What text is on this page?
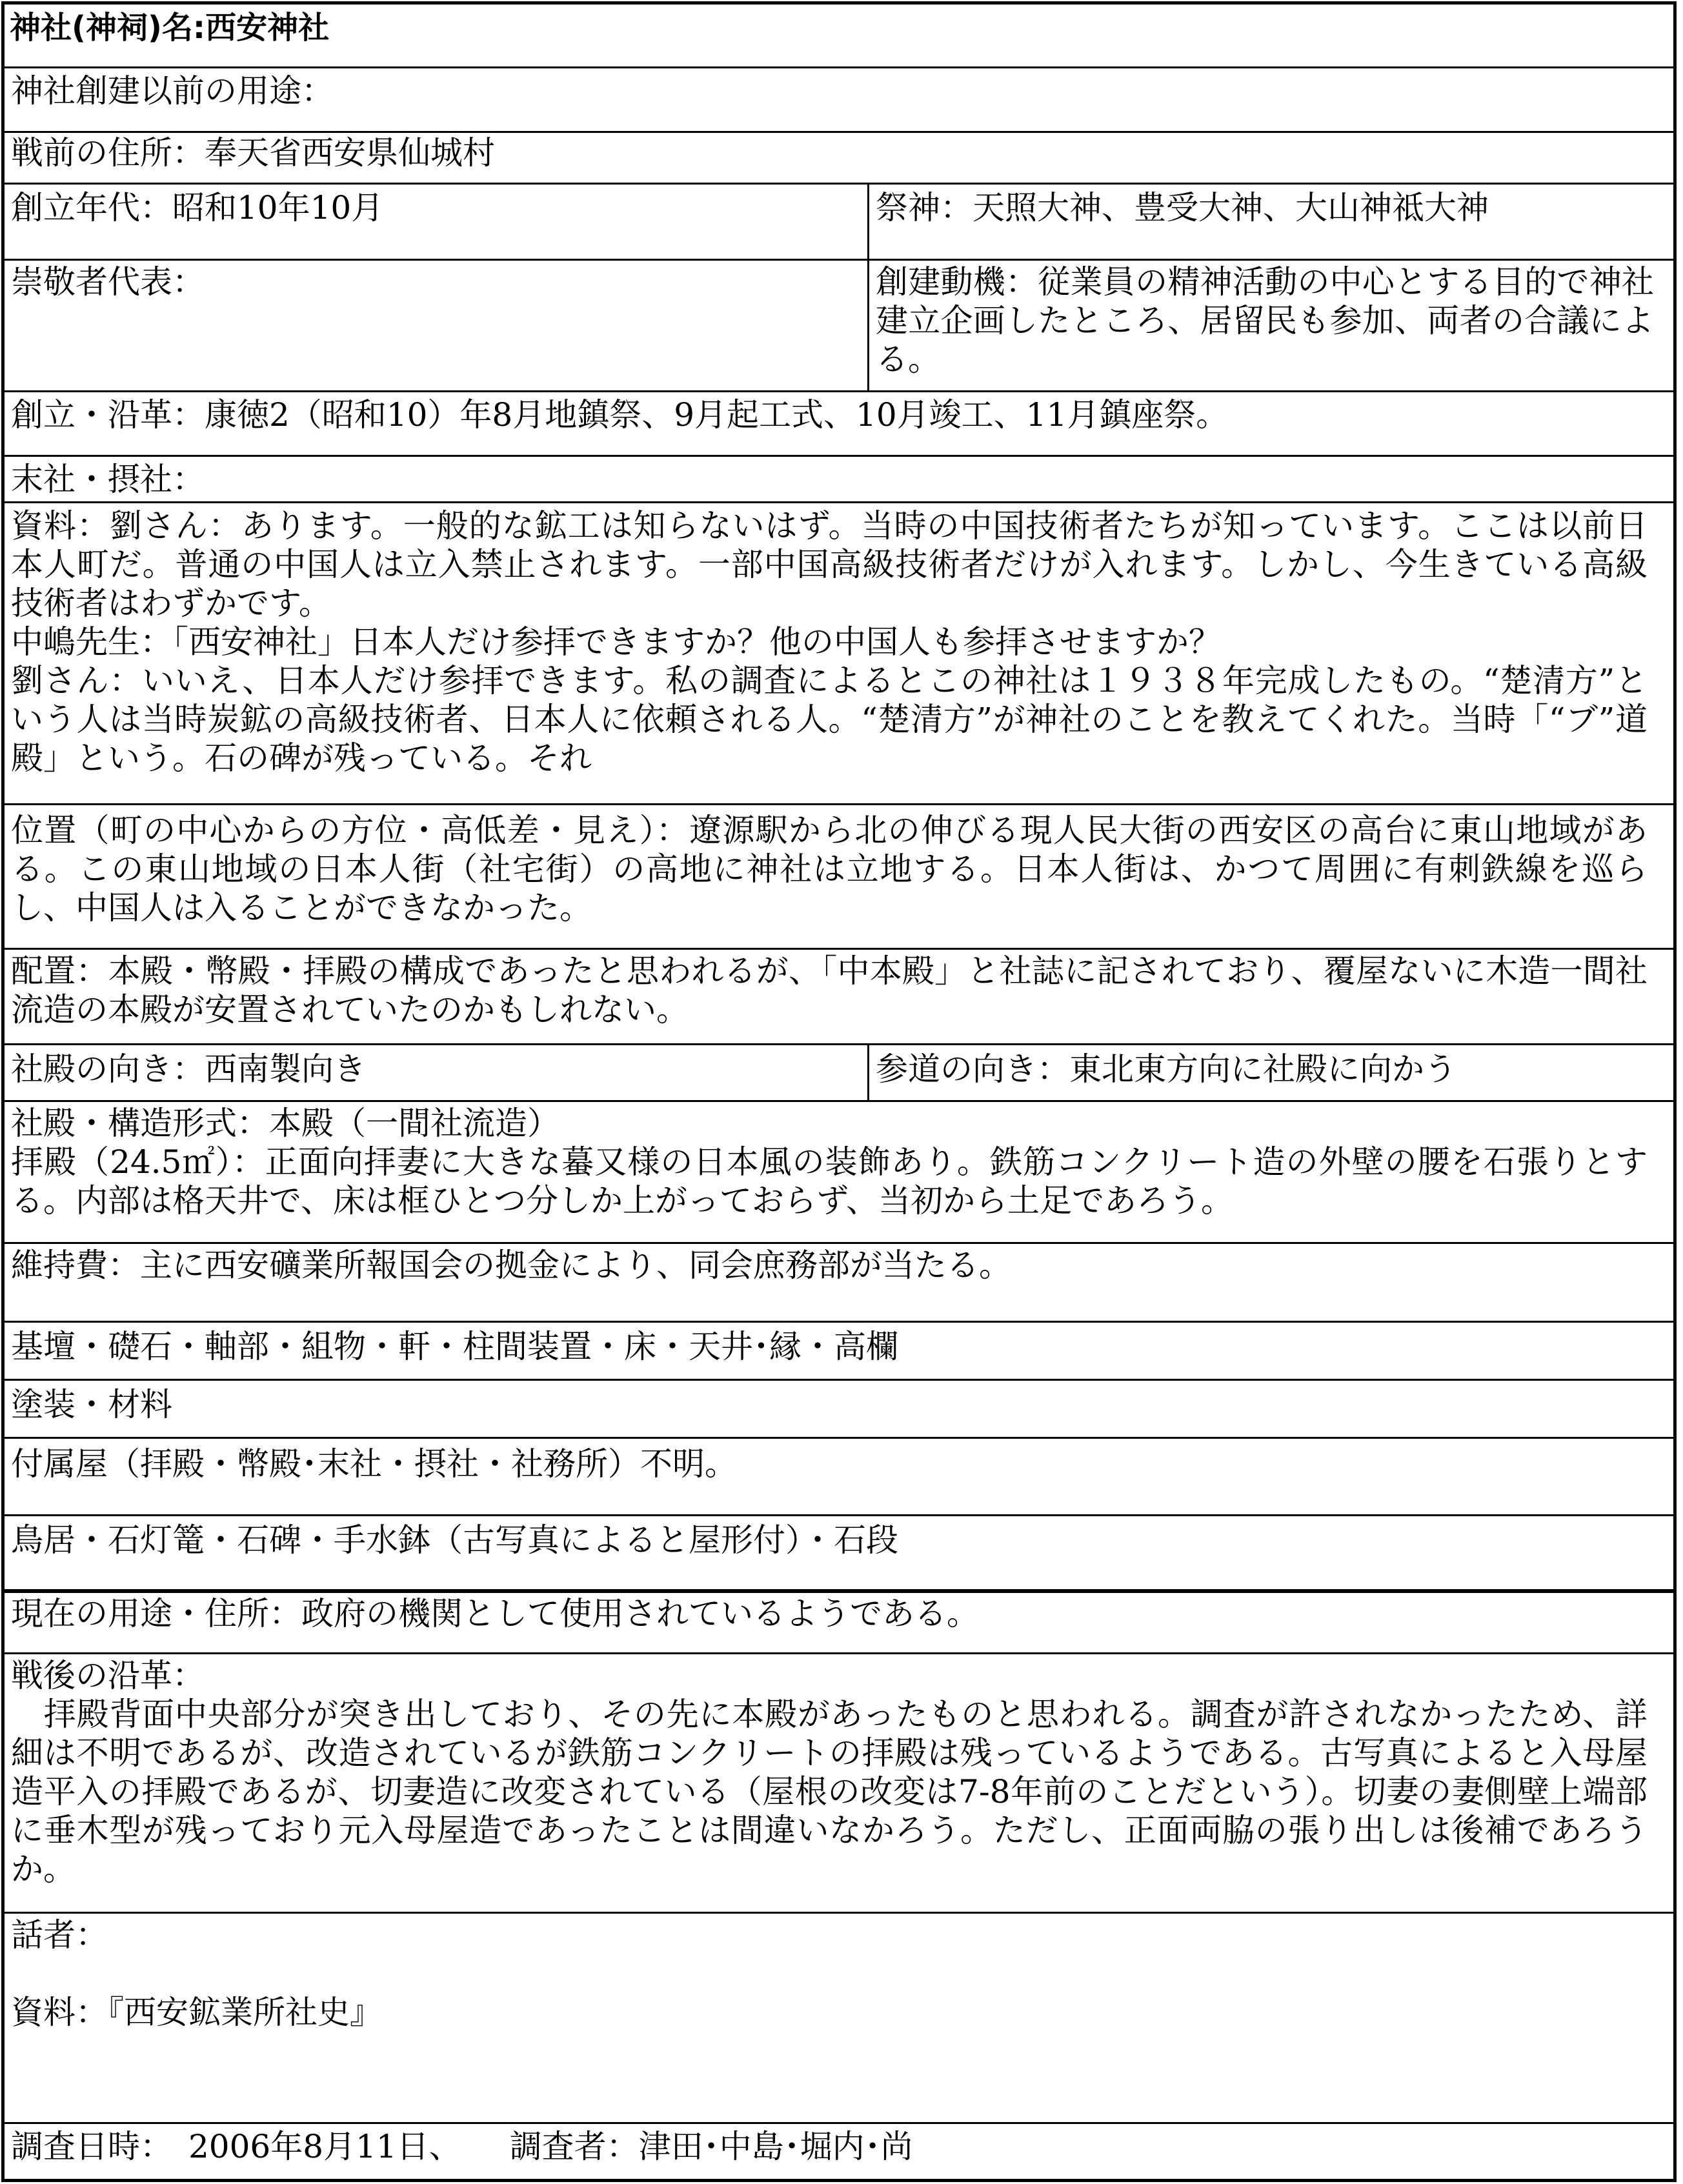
神社(神祠)名:西安神社
神社創建以前の用途：
戦前の住所：奉天省西安県仙城村
創立年代：昭和10年10月	祭神：天照大神、豊受大神、大山神祗大神
崇敬者代表：	創建動機：従業員の精神活動の中心とする目的で神社建立企画したところ、居留民も参加、両者の合議による。
創立・沿革：康徳2（昭和10）年8月地鎮祭、9月起工式、10月竣工、11月鎮座祭。
末社・摂社：
資料：劉さん：あります。一般的な鉱工は知らないはず。当時の中国技術者たちが知っています。ここは以前日本人町だ。普通の中国人は立入禁止されます。一部中国高級技術者だけが入れます。しかし、今生きている高級技術者はわずかです。
中嶋先生：「西安神社」日本人だけ参拝できますか？他の中国人も参拝させますか？
劉さん：いいえ、日本人だけ参拝できます。私の調査によるとこの神社は１９３８年完成したもの。“楚清方”という人は当時炭鉱の高級技術者、日本人に依頼される人。“楚清方”が神社のことを教えてくれた。当時「“ブ”道殿」という。石の碑が残っている。それ
位置（町の中心からの方位・高低差・見え）：遼源駅から北の伸びる現人民大街の西安区の高台に東山地域がある。この東山地域の日本人街（社宅街）の高地に神社は立地する。日本人街は、かつて周囲に有刺鉄線を巡らし、中国人は入ることができなかった。
配置：本殿・幣殿・拝殿の構成であったと思われるが、「中本殿」と社誌に記されており、覆屋ないに木造一間社流造の本殿が安置されていたのかもしれない。
社殿の向き：西南製向き	参道の向き：東北東方向に社殿に向かう
社殿・構造形式：本殿（一間社流造）
拝殿（24.5㎡）：正面向拝妻に大きな蟇又様の日本風の装飾あり。鉄筋コンクリート造の外壁の腰を石張りとする。内部は格天井で、床は框ひとつ分しか上がっておらず、当初から土足であろう。
維持費：主に西安礦業所報国会の拠金により、同会庶務部が当たる。
基壇・礎石・軸部・組物・軒・柱間装置・床・天井･縁・高欄
塗装・材料
付属屋（拝殿・幣殿･末社・摂社・社務所）不明。
鳥居・石灯篭・石碑・手水鉢（古写真によると屋形付）・石段
現在の用途・住所：政府の機関として使用されているようである。
戦後の沿革：
　拝殿背面中央部分が突き出しており、その先に本殿があったものと思われる。調査が許されなかったため、詳細は不明であるが、改造されているが鉄筋コンクリートの拝殿は残っているようである。古写真によると入母屋造平入の拝殿であるが、切妻造に改変されている（屋根の改変は7-8年前のことだという）。切妻の妻側壁上端部に垂木型が残っており元入母屋造であったことは間違いなかろう。ただし、正面両脇の張り出しは後補であろうか。
話者：
資料：『西安鉱業所社史』
調査日時：　2006年8月11日、　　 調査者：津田･中島･堀内･尚
